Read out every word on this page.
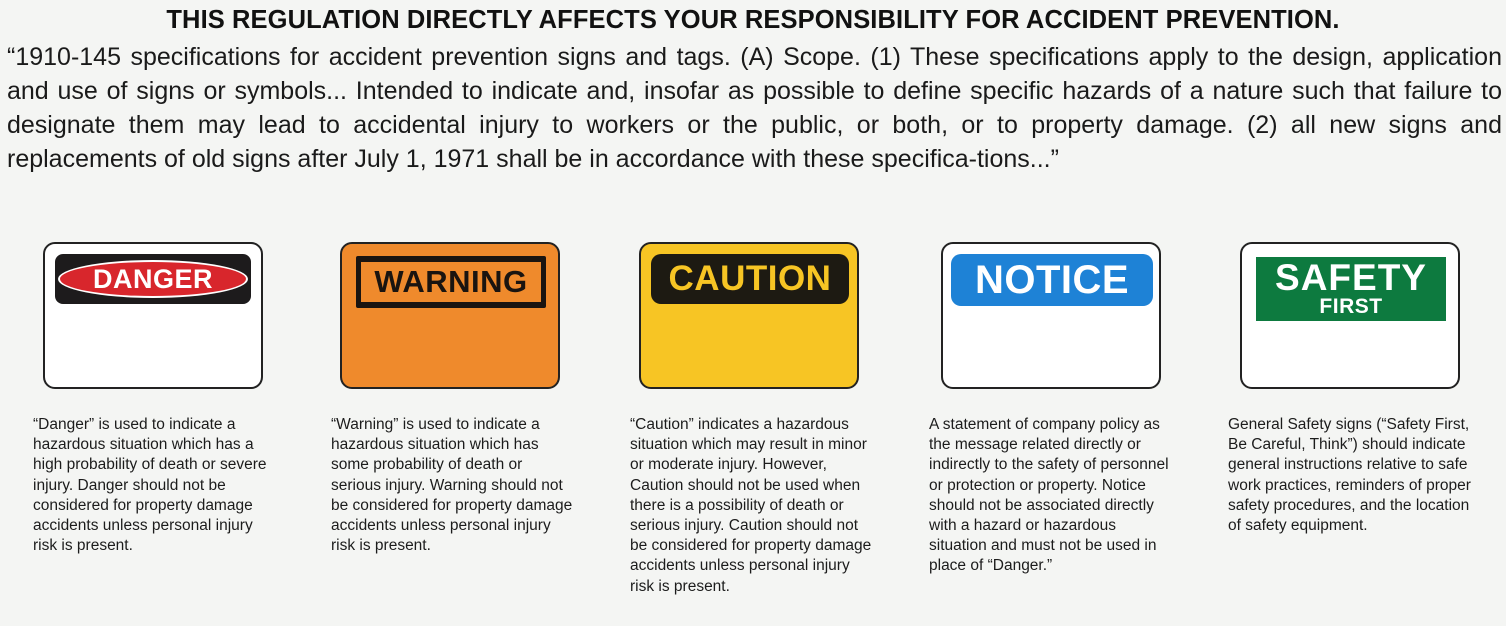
THIS REGULATION DIRECTLY AFFECTS YOUR RESPONSIBILITY FOR ACCIDENT PREVENTION.
“1910-145 specifications for accident prevention signs and tags. (A) Scope. (1) These specifications apply to the design, application and use of signs or symbols... Intended to indicate and, insofar as possible to define specific hazards of a nature such that failure to designate them may lead to accidental injury to workers or the public, or both, or to property damage. (2) all new signs and replacements of old signs after July 1, 1971 shall be in accordance with these specifica-tions...”
DANGER
“Danger” is used to indicate a hazardous situation which has a high probability of death or severe injury. Danger should not be considered for property damage accidents unless personal injury risk is present.
WARNING
“Warning” is used to indicate a hazardous situation which has some probability of death or serious injury. Warning should not be considered for property damage accidents unless personal injury risk is present.
CAUTION
“Caution” indicates a hazardous situation which may result in minor or moderate injury. However, Caution should not be used when there is a possibility of death or serious injury. Caution should not be considered for property damage accidents unless personal injury risk is present.
NOTICE
A statement of company policy as the message related directly or indirectly to the safety of personnel or protection or property. Notice should not be associated directly with a hazard or hazardous situation and must not be used in place of “Danger.”
SAFETY
FIRST
General Safety signs (“Safety First, Be Careful, Think”) should indicate general instructions relative to safe work practices, reminders of proper safety procedures, and the location of safety equipment.
